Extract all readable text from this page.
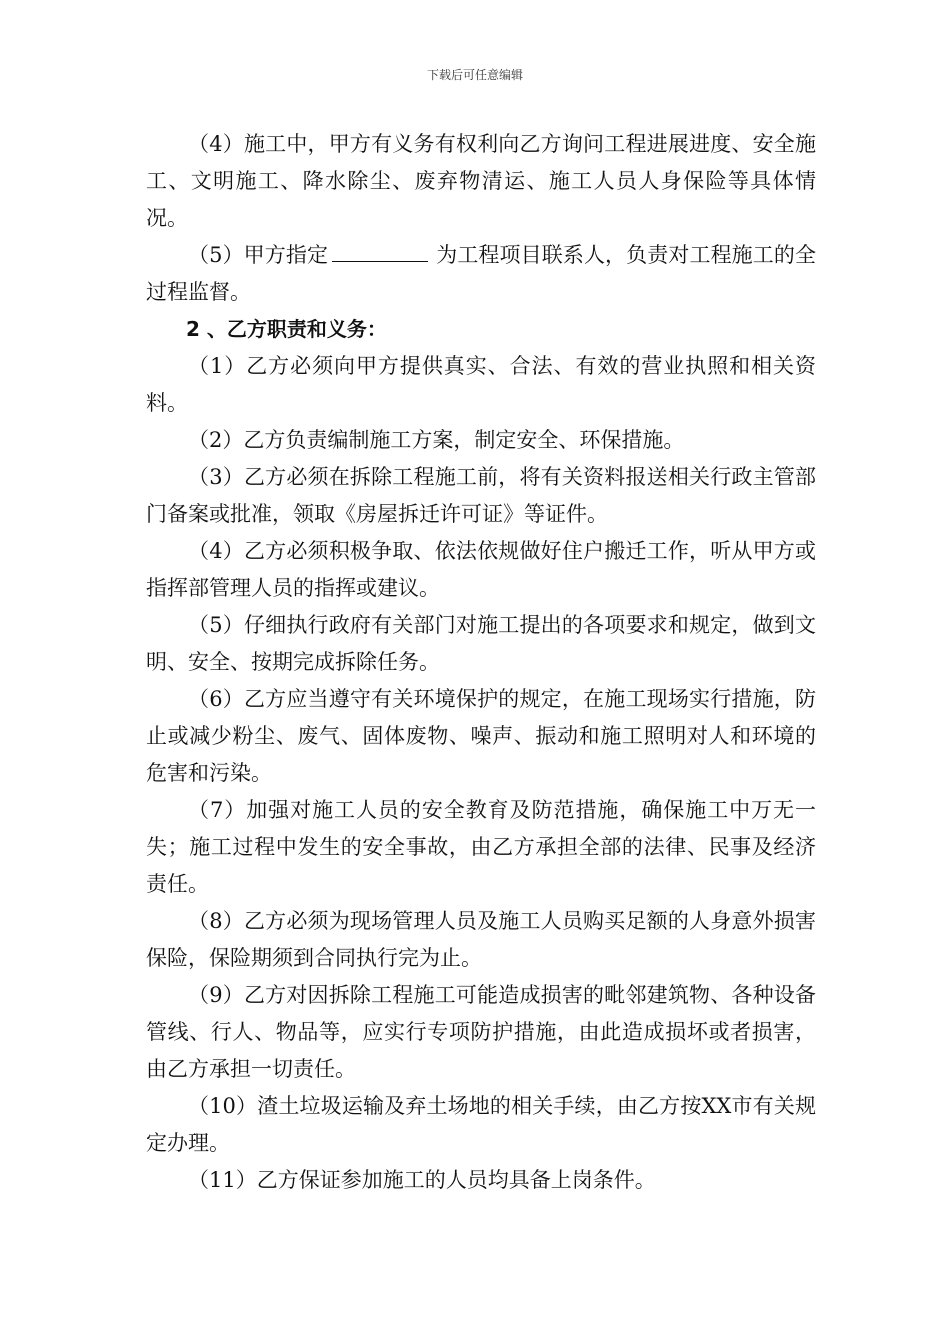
下载后可任意编辑

（4）施工中，甲方有义务有权利向乙方询问工程进展进度、安全施工、文明施工、降水除尘、废弃物清运、施工人员人身保险等具体情况。

（5）甲方指定	为工程项目联系人，负责对工程施工的全过程监督。

2 、乙方职责和义务：

（1）乙方必须向甲方提供真实、合法、有效的营业执照和相关资料。

（2）乙方负责编制施工方案，制定安全、环保措施。

（3）乙方必须在拆除工程施工前，将有关资料报送相关行政主管部门备案或批准，领取《房屋拆迁许可证》等证件。

（4）乙方必须积极争取、依法依规做好住户搬迁工作，听从甲方或指挥部管理人员的指挥或建议。

（5）仔细执行政府有关部门对施工提出的各项要求和规定，做到文明、安全、按期完成拆除任务。

（6）乙方应当遵守有关环境保护的规定，在施工现场实行措施，防止或减少粉尘、废气、固体废物、噪声、振动和施工照明对人和环境的危害和污染。

（7）加强对施工人员的安全教育及防范措施，确保施工中万无一失；施工过程中发生的安全事故，由乙方承担全部的法律、民事及经济责任。

（8）乙方必须为现场管理人员及施工人员购买足额的人身意外损害保险，保险期须到合同执行完为止。

（9）乙方对因拆除工程施工可能造成损害的毗邻建筑物、各种设备管线、行人、物品等，应实行专项防护措施，由此造成损坏或者损害，由乙方承担一切责任。

（10）渣土垃圾运输及弃土场地的相关手续，由乙方按XX市有关规定办理。

（11）乙方保证参加施工的人员均具备上岗条件。
